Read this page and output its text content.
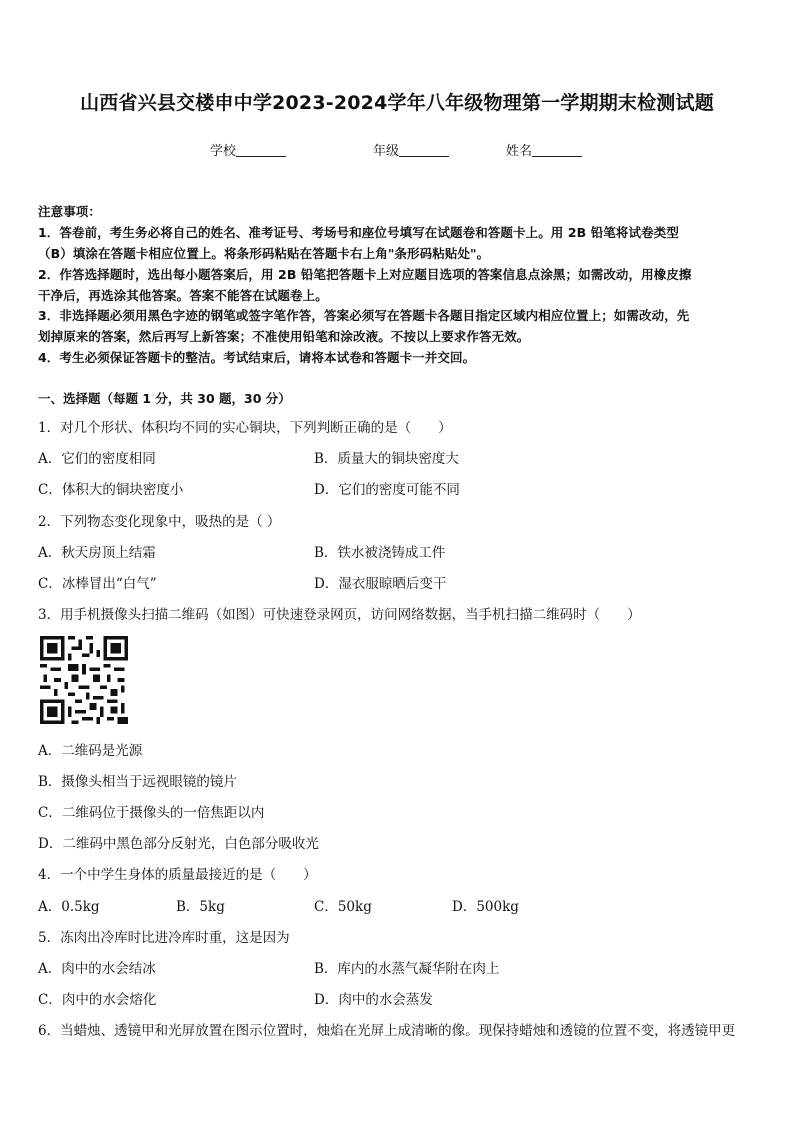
山西省兴县交楼申中学2023-2024学年八年级物理第一学期期末检测试题
学校	年级	姓名
注意事项：
1．答卷前，考生务必将自己的姓名、准考证号、考场号和座位号填写在试题卷和答题卡上。用 2B 铅笔将试卷类型
（B）填涂在答题卡相应位置上。将条形码粘贴在答题卡右上角"条形码粘贴处"。
2．作答选择题时，选出每小题答案后，用 2B 铅笔把答题卡上对应题目选项的答案信息点涂黑；如需改动，用橡皮擦
干净后，再选涂其他答案。答案不能答在试题卷上。
3．非选择题必须用黑色字迹的钢笔或签字笔作答，答案必须写在答题卡各题目指定区域内相应位置上；如需改动，先
划掉原来的答案，然后再写上新答案；不准使用铅笔和涂改液。不按以上要求作答无效。
4．考生必须保证答题卡的整洁。考试结束后，请将本试卷和答题卡一并交回。
一、选择题（每题 1 分，共 30 题，30 分）
1．对几个形状、体积均不同的实心铜块，下列判断正确的是（　　）
A．它们的密度相同	B．质量大的铜块密度大
C．体积大的铜块密度小	D．它们的密度可能不同
2．下列物态变化现象中，吸热的是（ ）
A．秋天房顶上结霜	B．铁水被浇铸成工件
C．冰棒冒出“白气”	D．湿衣服晾晒后变干
3．用手机摄像头扫描二维码（如图）可快速登录网页，访问网络数据，当手机扫描二维码时（　　）
A．二维码是光源
B．摄像头相当于远视眼镜的镜片
C．二维码位于摄像头的一倍焦距以内
D．二维码中黑色部分反射光，白色部分吸收光
4．一个中学生身体的质量最接近的是（　　）
A．0.5kg	B．5kg	C．50kg	D．500kg
5．冻肉出冷库时比进冷库时重，这是因为
A．肉中的水会结冰	B．库内的水蒸气凝华附在肉上
C．肉中的水会熔化	D．肉中的水会蒸发
6．当蜡烛、透镜甲和光屏放置在图示位置时，烛焰在光屏上成清晰的像。现保持蜡烛和透镜的位置不变，将透镜甲更
